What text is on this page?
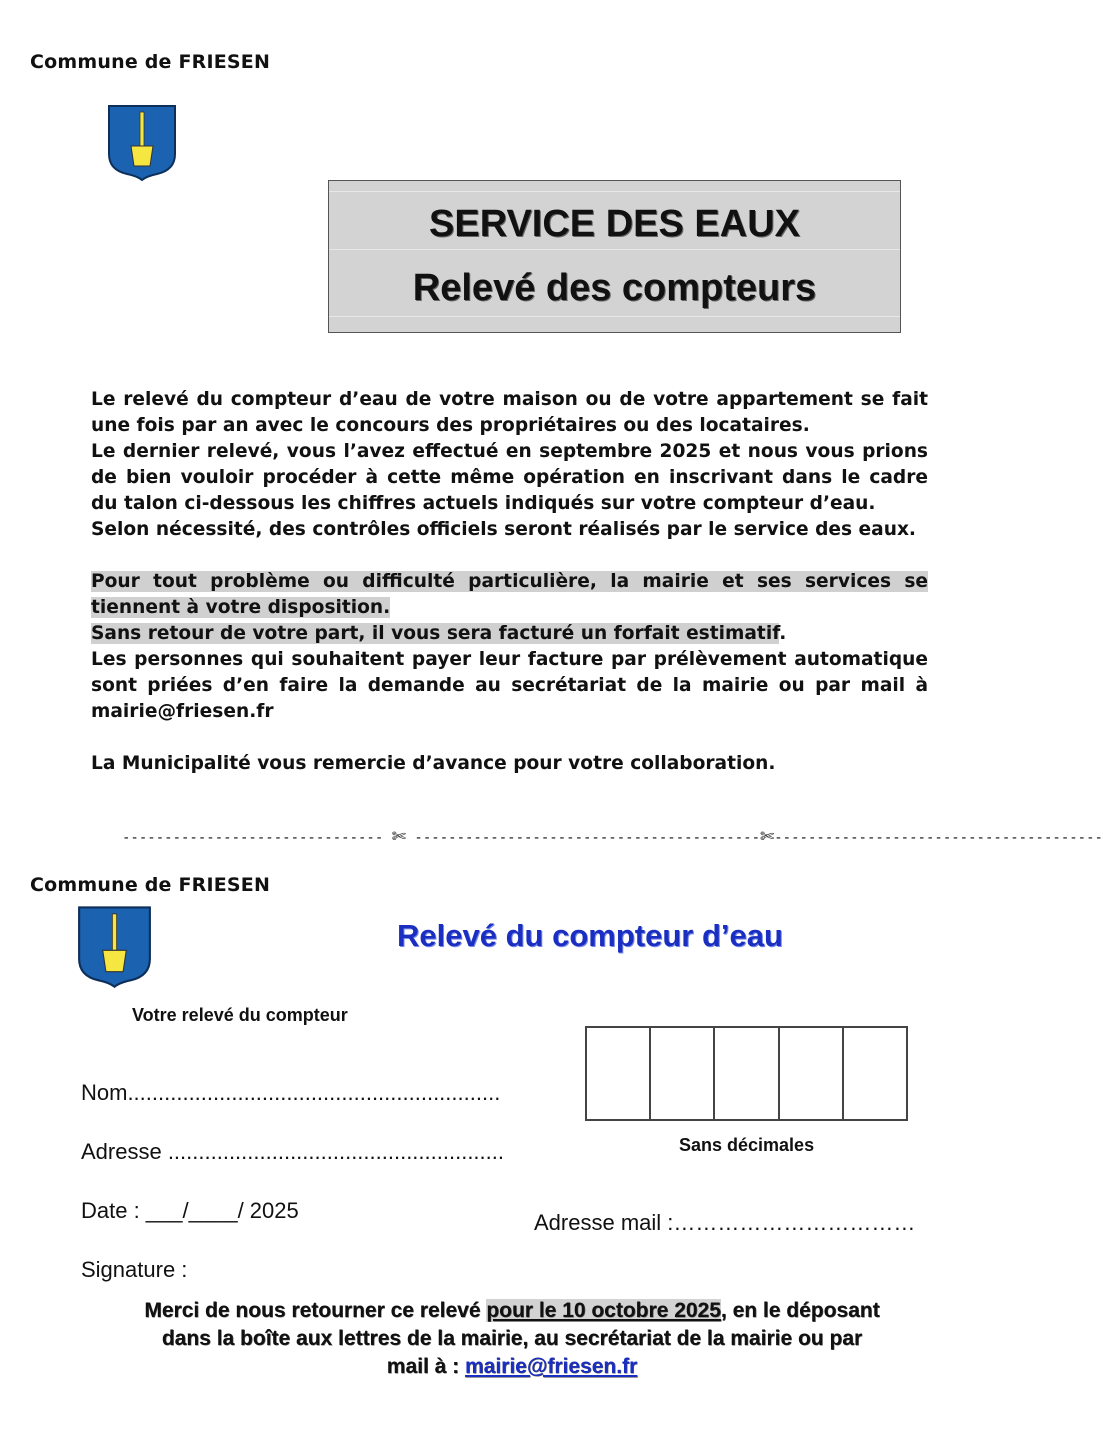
Commune de FRIESEN
SERVICE DES EAUX
Relevé des compteurs

Le relevé du compteur d’eau de votre maison ou de votre appartement se fait une fois par an avec le concours des propriétaires ou des locataires.

Le dernier relevé, vous l’avez effectué en septembre 2025 et nous vous prions de bien vouloir procéder à cette même opération en inscrivant dans le cadre du talon ci-dessous les chiffres actuels indiqués sur votre compteur d’eau.

Selon nécessité, des contrôles officiels seront réalisés par le service des eaux.

Pour tout problème ou difficulté particulière, la mairie et ses services se tiennent à votre disposition.

Sans retour de votre part, il vous sera facturé un forfait estimatif.

Les personnes qui souhaitent payer leur facture par prélèvement automatique sont priées d’en faire la demande au secrétariat de la mairie ou par mail à mairie@friesen.fr

La Municipalité vous remercie d’avance pour votre collaboration.

------------------------------- ✄ -----------------------------------------✄---------------------------------------
Commune de FRIESEN
Relevé du compteur d’eau
Votre relevé du compteur
Nom.............................................................
Adresse .......................................................
Date : ___/____/ 2025
Signature :
Sans décimales
Adresse mail :……………………………
Merci de nous retourner ce relevé pour le 10 octobre 2025, en le déposant
dans la boîte aux lettres de la mairie, au secrétariat de la mairie ou par
mail à : mairie@friesen.fr
